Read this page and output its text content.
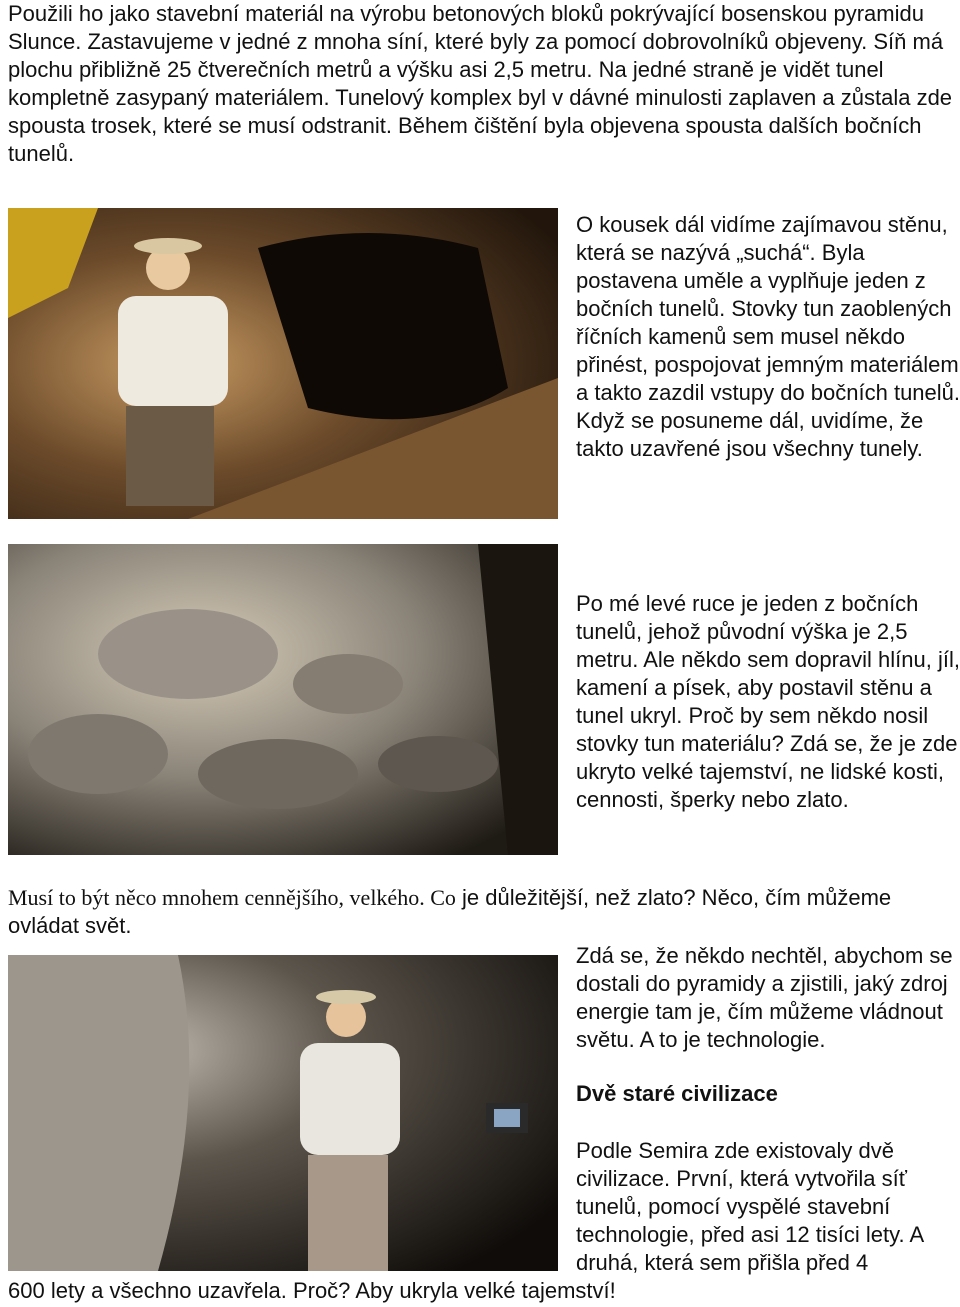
Použili ho jako stavební materiál na výrobu betonových bloků pokrývající bosenskou pyramidu Slunce. Zastavujeme v jedné z mnoha síní, které byly za pomocí dobrovolníků objeveny. Síň má plochu přibližně 25 čtverečních metrů a výšku asi 2,5 metru. Na jedné straně je vidět tunel kompletně zasypaný materiálem. Tunelový komplex byl v dávné minulosti zaplaven a zůstala zde spousta trosek, které se musí odstranit. Během čištění byla objevena spousta dalších bočních tunelů.

O kousek dál vidíme zajímavou stěnu, která se nazývá „suchá“. Byla postavena uměle a vyplňuje jeden z bočních tunelů. Stovky tun zaoblených říčních kamenů sem musel někdo přinést, pospojovat jemným materiálem a takto zazdil vstupy do bočních tunelů. Když se posuneme dál, uvidíme, že takto uzavřené jsou všechny tunely.

Po mé levé ruce je jeden z bočních tunelů, jehož původní výška je 2,5 metru. Ale někdo sem dopravil hlínu, jíl, kamení a písek, aby postavil stěnu a tunel ukryl. Proč by sem někdo nosil stovky tun materiálu? Zdá se, že je zde ukryto velké tajemství, ne lidské kosti, cennosti, šperky nebo zlato.

Musí to být něco mnohem cennějšího, velkého. Co je důležitější, než zlato? Něco, čím můžeme ovládat svět.

Zdá se, že někdo nechtěl, abychom se dostali do pyramidy a zjistili, jaký zdroj energie tam je, čím můžeme vládnout světu. A to je technologie.

Dvě staré civilizace

Podle Semira zde existovaly dvě civilizace. První, která vytvořila síť tunelů, pomocí vyspělé stavební technologie, před asi 12 tisíci lety. A druhá, která sem přišla před 4

600 lety a všechno uzavřela. Proč? Aby ukryla velké tajemství!
